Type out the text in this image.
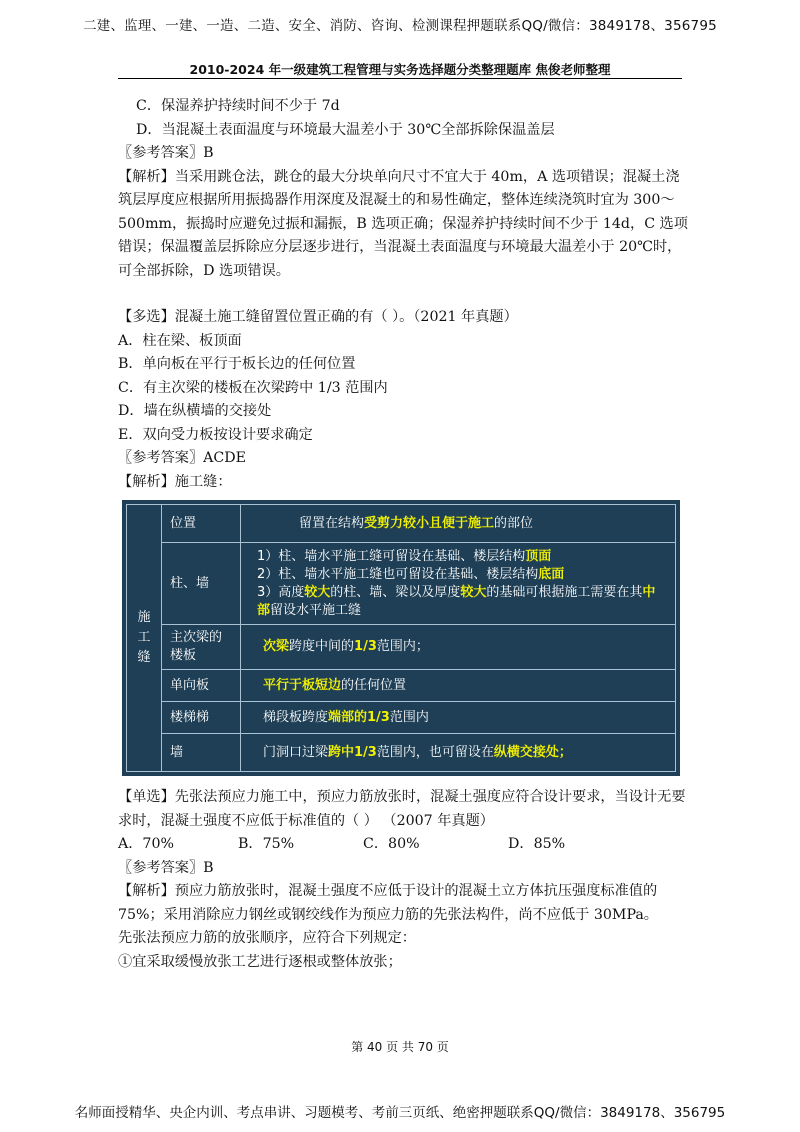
二建、监理、一建、一造、二造、安全、消防、咨询、检测课程押题联系QQ/微信：3849178、356795
2010-2024 年一级建筑工程管理与实务选择题分类整理题库 焦俊老师整理

C．保湿养护持续时间不少于 7d

D．当混凝土表面温度与环境最大温差小于 30℃全部拆除保温盖层

〖参考答案〗B

【解析】当采用跳仓法，跳仓的最大分块单向尺寸不宜大于 40m，A 选项错误；混凝土浇筑层厚度应根据所用振捣器作用深度及混凝土的和易性确定，整体连续浇筑时宜为 300～500mm，振捣时应避免过振和漏振，B 选项正确；保湿养护持续时间不少于 14d，C 选项错误；保温覆盖层拆除应分层逐步进行，当混凝土表面温度与环境最大温差小于 20℃时，可全部拆除，D 选项错误。

【多选】混凝土施工缝留置位置正确的有（ ）。（2021 年真题）

A．柱在梁、板顶面

B．单向板在平行于板长边的任何位置

C．有主次梁的楼板在次梁跨中 1/3 范围内

D．墙在纵横墙的交接处

E．双向受力板按设计要求确定

〖参考答案〗ACDE

【解析】施工缝：

施
工
缝	位置	留置在结构受剪力较小且便于施工的部位
	柱、墙	1）柱、墙水平施工缝可留设在基础、楼层结构顶面
2）柱、墙水平施工缝也可留设在基础、楼层结构底面
3）高度较大的柱、墙、梁以及厚度较大的基础可根据施工需要在其中部留设水平施工缝

	主次梁的楼板	次梁跨度中间的1/3范围内；
	单向板	平行于板短边的任何位置
	楼梯梯	梯段板跨度端部的1/3范围内
	墙	门洞口过梁跨中1/3范围内，也可留设在纵横交接处；

【单选】先张法预应力施工中，预应力筋放张时，混凝土强度应符合设计要求，当设计无要求时，混凝土强度不应低于标准值的（ ） （2007 年真题）

A．70%	B．75%	C．80%	D．85%

〖参考答案〗B

【解析】预应力筋放张时，混凝土强度不应低于设计的混凝土立方体抗压强度标准值的 75%；采用消除应力钢丝或钢绞线作为预应力筋的先张法构件，尚不应低于 30MPa。

先张法预应力筋的放张顺序，应符合下列规定：

①宜采取缓慢放张工艺进行逐根或整体放张；

第 40 页 共 70 页
名师面授精华、央企内训、考点串讲、习题模考、考前三页纸、绝密押题联系QQ/微信：3849178、356795
